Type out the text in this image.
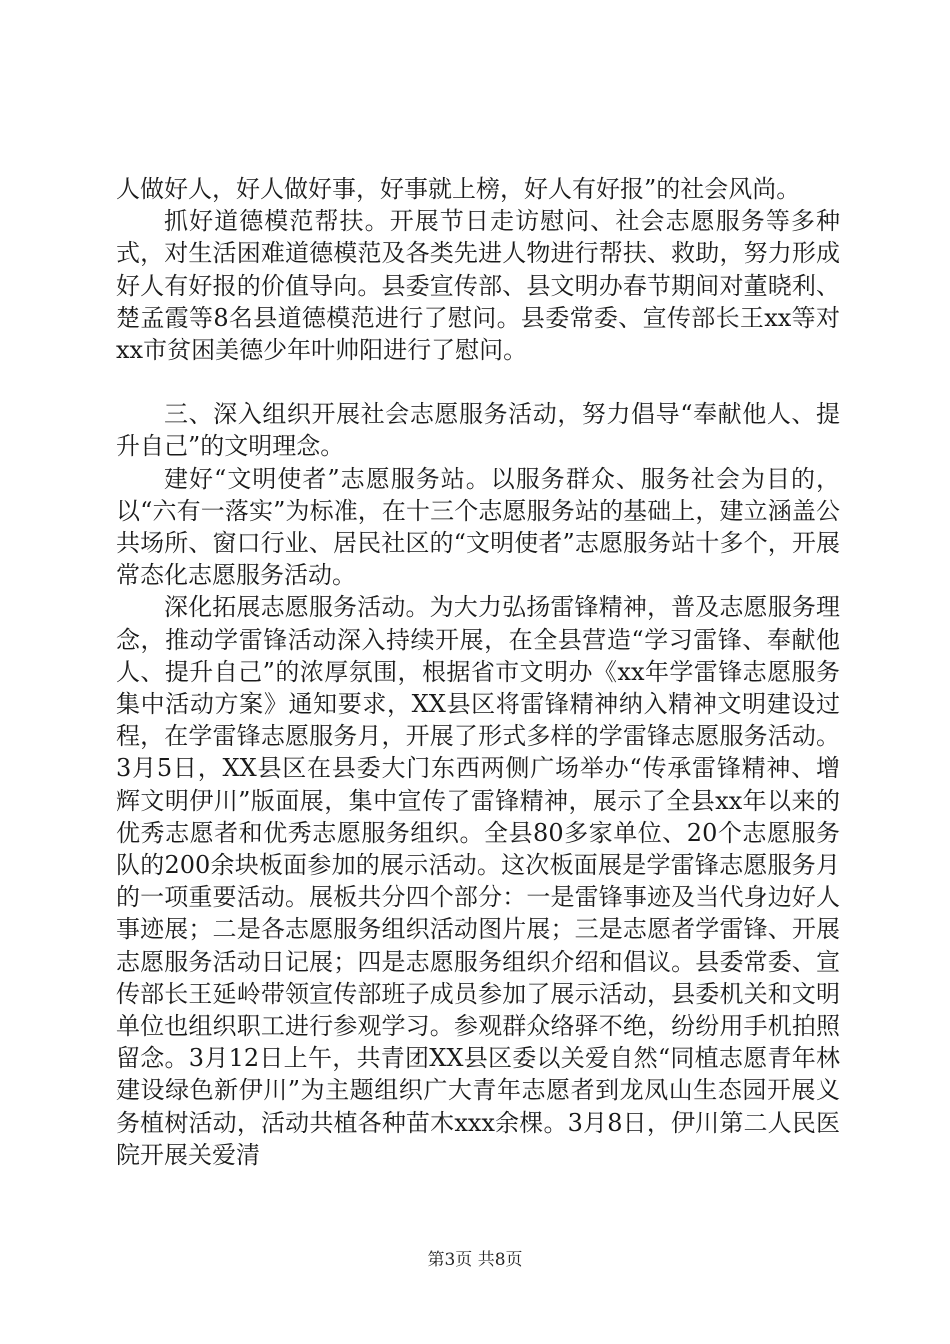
人做好人，好人做好事，好事就上榜，好人有好报”的社会风尚。

抓好道德模范帮扶。开展节日走访慰问、社会志愿服务等多种式，对生活困难道德模范及各类先进人物进行帮扶、救助，努力形成好人有好报的价值导向。县委宣传部、县文明办春节期间对董晓利、楚孟霞等8名县道德模范进行了慰问。县委常委、宣传部长王xx等对xx市贫困美德少年叶帅阳进行了慰问。

三、深入组织开展社会志愿服务活动，努力倡导“奉献他人、提升自己”的文明理念。

建好“文明使者”志愿服务站。以服务群众、服务社会为目的，以“六有一落实”为标准，在十三个志愿服务站的基础上，建立涵盖公共场所、窗口行业、居民社区的“文明使者”志愿服务站十多个，开展常态化志愿服务活动。

深化拓展志愿服务活动。为大力弘扬雷锋精神，普及志愿服务理念，推动学雷锋活动深入持续开展，在全县营造“学习雷锋、奉献他人、提升自己”的浓厚氛围，根据省市文明办《xx年学雷锋志愿服务集中活动方案》通知要求，XX县区将雷锋精神纳入精神文明建设过程，在学雷锋志愿服务月，开展了形式多样的学雷锋志愿服务活动。3月5日，XX县区在县委大门东西两侧广场举办“传承雷锋精神、增辉文明伊川”版面展，集中宣传了雷锋精神，展示了全县xx年以来的优秀志愿者和优秀志愿服务组织。全县80多家单位、20个志愿服务队的200余块板面参加的展示活动。这次板面展是学雷锋志愿服务月的一项重要活动。展板共分四个部分：一是雷锋事迹及当代身边好人事迹展；二是各志愿服务组织活动图片展；三是志愿者学雷锋、开展志愿服务活动日记展；四是志愿服务组织介绍和倡议。县委常委、宣传部长王延岭带领宣传部班子成员参加了展示活动，县委机关和文明单位也组织职工进行参观学习。参观群众络驿不绝，纷纷用手机拍照留念。3月12日上午，共青团XX县区委以关爱自然“同植志愿青年林建设绿色新伊川”为主题组织广大青年志愿者到龙凤山生态园开展义务植树活动，活动共植各种苗木xxx余棵。3月8日，伊川第二人民医院开展关爱清

第3页 共8页
